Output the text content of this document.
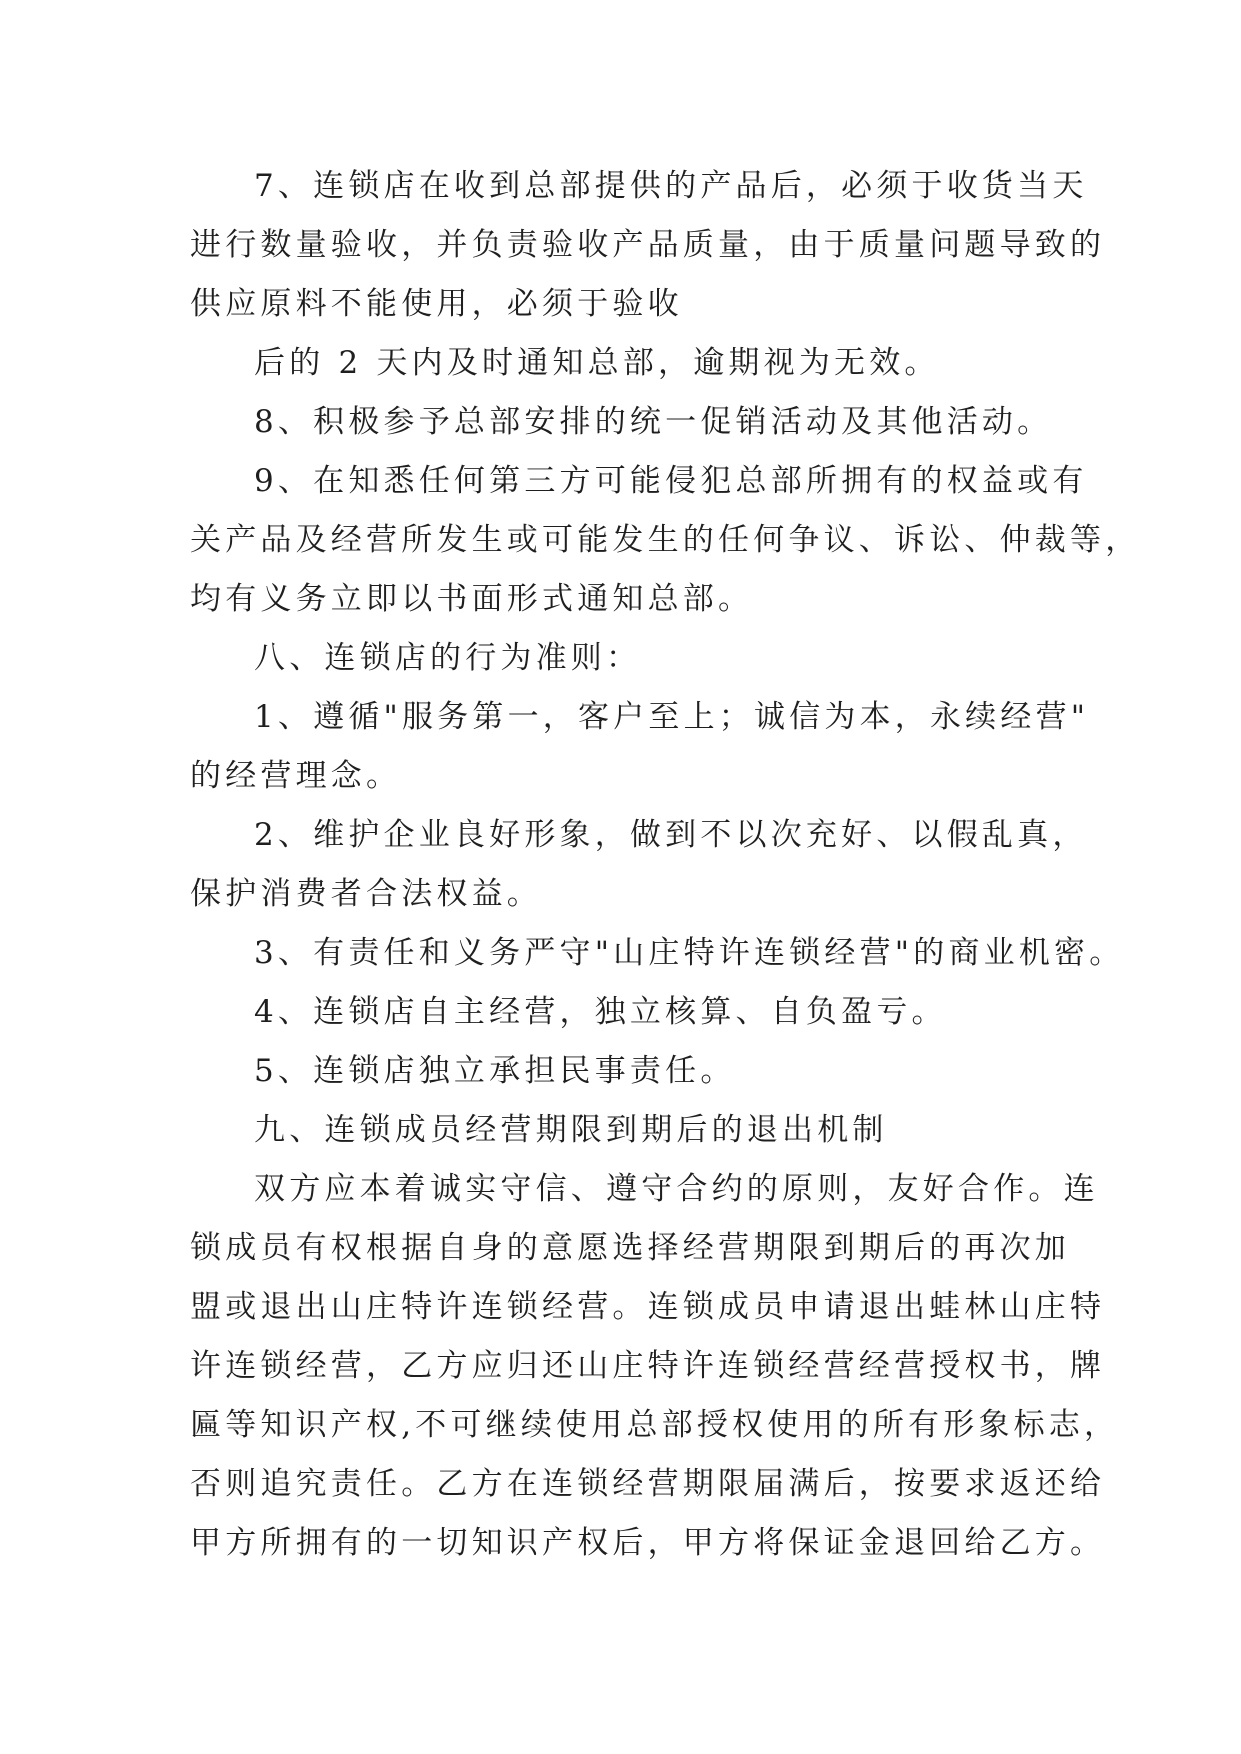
7、连锁店在收到总部提供的产品后，必须于收货当天

进行数量验收，并负责验收产品质量，由于质量问题导致的

供应原料不能使用，必须于验收

后的 2 天内及时通知总部，逾期视为无效。

8、积极参予总部安排的统一促销活动及其他活动。

9、在知悉任何第三方可能侵犯总部所拥有的权益或有

关产品及经营所发生或可能发生的任何争议、诉讼、仲裁等，

均有义务立即以书面形式通知总部。

八、连锁店的行为准则：

1、遵循"服务第一，客户至上；诚信为本，永续经营"

的经营理念。

2、维护企业良好形象，做到不以次充好、以假乱真，

保护消费者合法权益。

3、有责任和义务严守"山庄特许连锁经营"的商业机密。

4、连锁店自主经营，独立核算、自负盈亏。

5、连锁店独立承担民事责任。

九、连锁成员经营期限到期后的退出机制

双方应本着诚实守信、遵守合约的原则，友好合作。连

锁成员有权根据自身的意愿选择经营期限到期后的再次加

盟或退出山庄特许连锁经营。连锁成员申请退出蛙林山庄特

许连锁经营，乙方应归还山庄特许连锁经营经营授权书，牌

匾等知识产权,不可继续使用总部授权使用的所有形象标志，

否则追究责任。乙方在连锁经营期限届满后，按要求返还给

甲方所拥有的一切知识产权后，甲方将保证金退回给乙方。
